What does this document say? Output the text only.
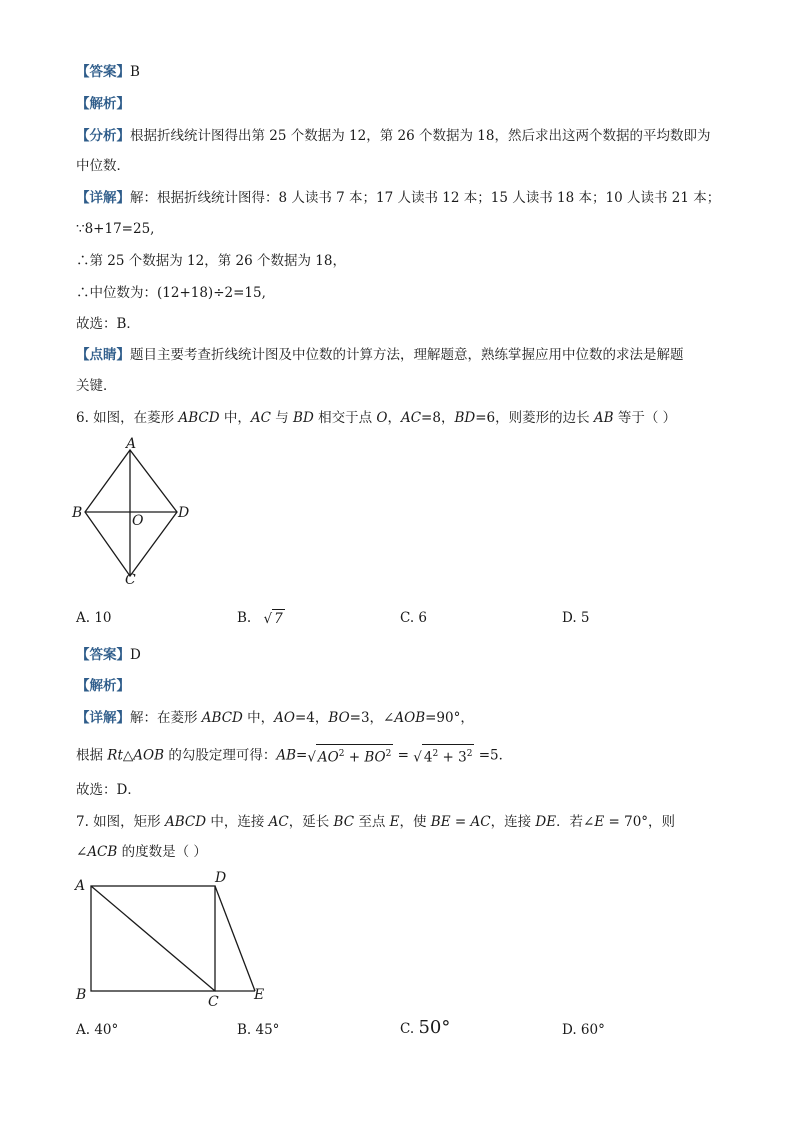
【答案】B
【解析】
【分析】根据折线统计图得出第 25 个数据为 12，第 26 个数据为 18，然后求出这两个数据的平均数即为
中位数．
【详解】解：根据折线统计图得：8 人读书 7 本；17 人读书 12 本；15 人读书 18 本；10 人读书 21 本；
∵8+17=25,
∴第 25 个数据为 12，第 26 个数据为 18，
∴中位数为：(12+18)÷2=15,
故选：B．
【点睛】题目主要考查折线统计图及中位数的计算方法，理解题意，熟练掌握应用中位数的求法是解题
关键．
6. 如图，在菱形 ABCD 中，AC 与 BD 相交于点 O，AC=8，BD=6，则菱形的边长 AB 等于（ ）
A
B	O D
C
A. 10	B. √ 7	C. 6	D. 5
【答案】D
【解析】
【详解】解：在菱形 ABCD 中，AO=4，BO=3，∠AOB=90°，
根据 Rt△AOB 的勾股定理可得：AB=√ $AO^2 + BO^2$ = √ $4^2 + 3^2 =5$．
故选：D．
7. 如图，矩形 ABCD 中，连接 AC，延长 BC 至点 E，使 BE = AC，连接 DE．若∠E = 70°，则
∠ACB 的度数是（ ）
A	D
B	C	E
A. 40°	B. 45°	C. 50°	D. 60°
